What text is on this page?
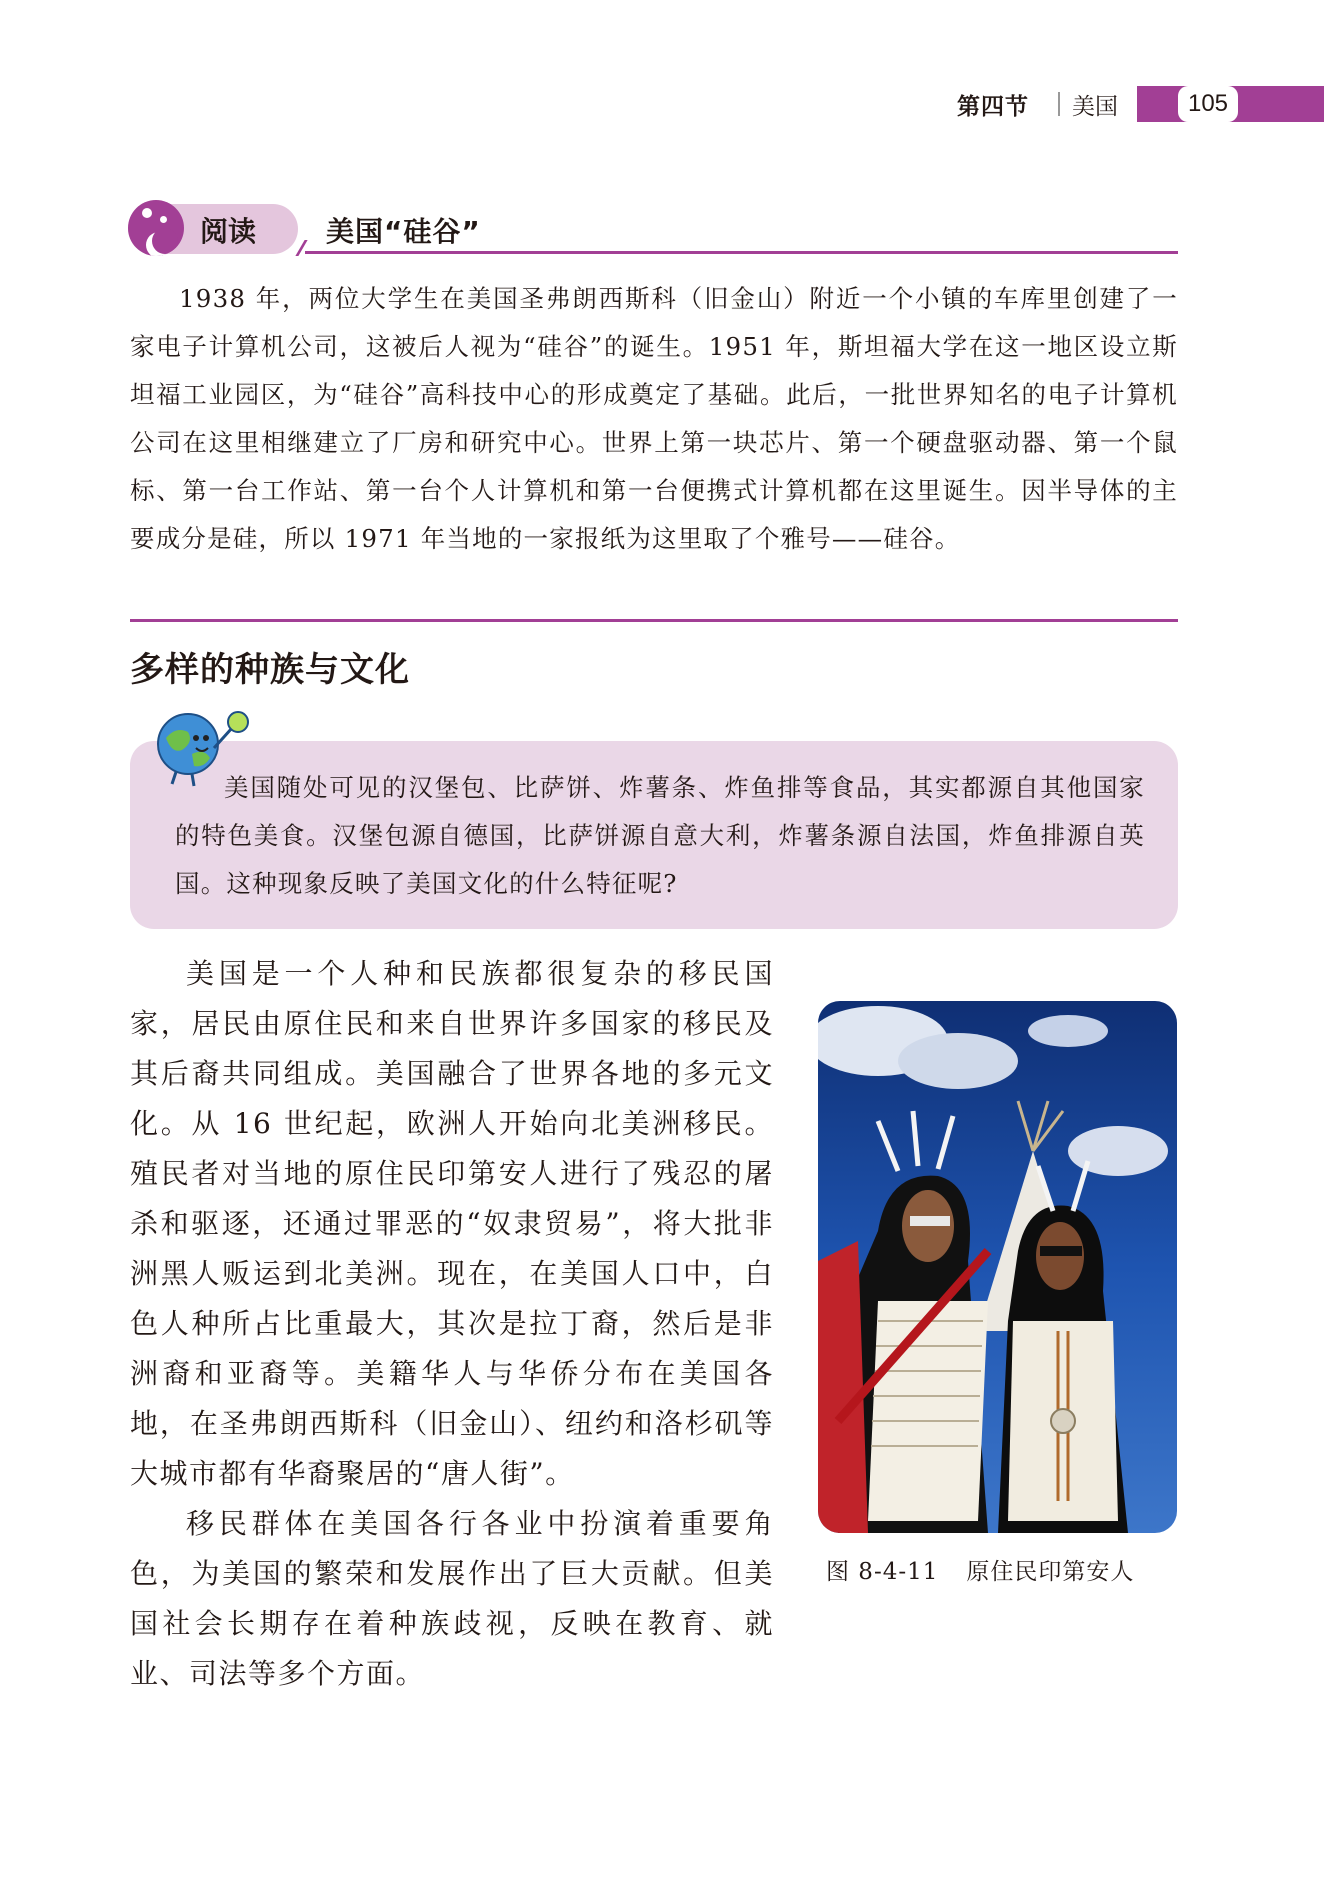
第四节 美国	105
阅读 美国“硅谷”

1938 年，两位大学生在美国圣弗朗西斯科（旧金山）附近一个小镇的车库里创建了一家电子计算机公司，这被后人视为“硅谷”的诞生。1951 年，斯坦福大学在这一地区设立斯坦福工业园区，为“硅谷”高科技中心的形成奠定了基础。此后，一批世界知名的电子计算机公司在这里相继建立了厂房和研究中心。世界上第一块芯片、第一个硬盘驱动器、第一个鼠标、第一台工作站、第一台个人计算机和第一台便携式计算机都在这里诞生。因半导体的主要成分是硅，所以 1971 年当地的一家报纸为这里取了个雅号——硅谷。

多样的种族与文化

美国随处可见的汉堡包、比萨饼、炸薯条、炸鱼排等食品，其实都源自其他国家的特色美食。汉堡包源自德国，比萨饼源自意大利，炸薯条源自法国，炸鱼排源自英国。这种现象反映了美国文化的什么特征呢?

美国是一个人种和民族都很复杂的移民国家，居民由原住民和来自世界许多国家的移民及其后裔共同组成。美国融合了世界各地的多元文化。从 16 世纪起，欧洲人开始向北美洲移民。殖民者对当地的原住民印第安人进行了残忍的屠杀和驱逐，还通过罪恶的“奴隶贸易”，将大批非洲黑人贩运到北美洲。现在，在美国人口中，白色人种所占比重最大，其次是拉丁裔，然后是非洲裔和亚裔等。美籍华人与华侨分布在美国各地，在圣弗朗西斯科（旧金山）、纽约和洛杉矶等大城市都有华裔聚居的“唐人街”。

移民群体在美国各行各业中扮演着重要角色，为美国的繁荣和发展作出了巨大贡献。但美国社会长期存在着种族歧视，反映在教育、就业、司法等多个方面。

图 8-4-11 原住民印第安人
